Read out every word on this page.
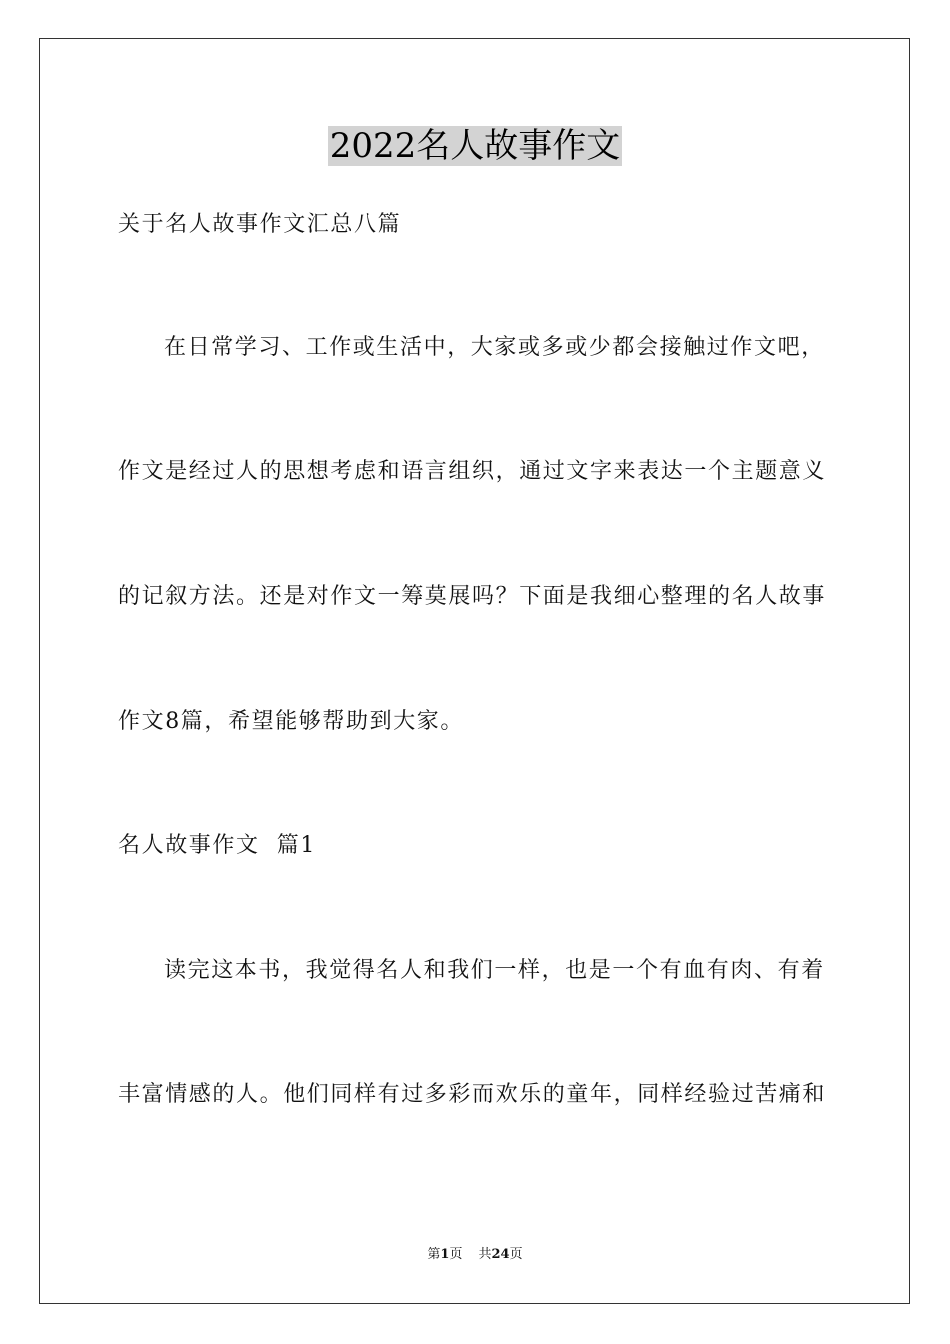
2022名人故事作文
关于名人故事作文汇总八篇
在日常学习、工作或生活中，大家或多或少都会接触过作文吧，
作文是经过人的思想考虑和语言组织，通过文字来表达一个主题意义
的记叙方法。还是对作文一筹莫展吗？下面是我细心整理的名人故事
作文8篇，希望能够帮助到大家。
名人故事作文  篇1
读完这本书，我觉得名人和我们一样，也是一个有血有肉、有着
丰富情感的人。他们同样有过多彩而欢乐的童年，同样经验过苦痛和
第1页 共24页
